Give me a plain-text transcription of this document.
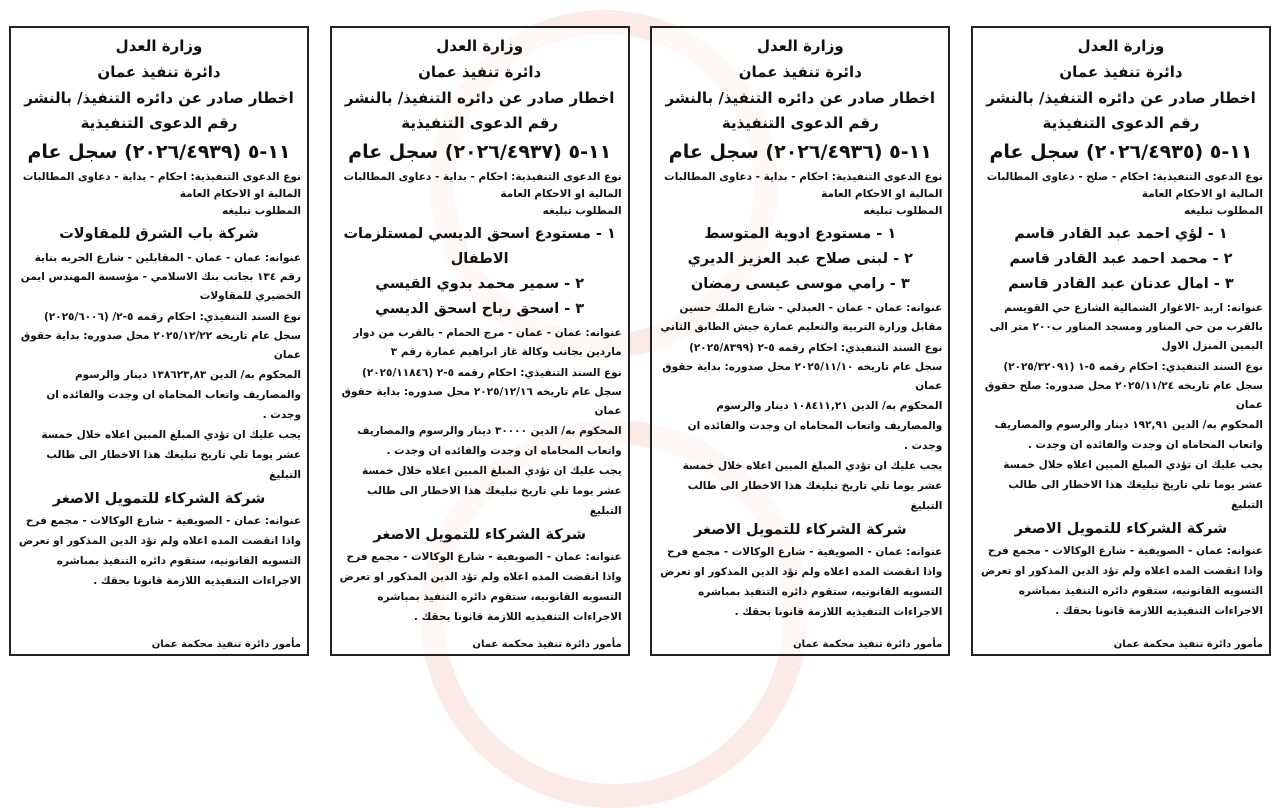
وزارة العدل
دائرة تنفيذ عمان
اخطار صادر عن دائره التنفيذ/ بالنشر
رقم الدعوى التنفيذية
١١-٥ (٢٠٢٦/٤٩٣٥) سجل عام
نوع الدعوى التنفيذية: احكام - صلح - دعاوى المطالبات المالية او الاحكام العامة
المطلوب تبليغه
١ - لؤي احمد عبد القادر قاسم
٢ - محمد احمد عبد القادر قاسم
٣ - امال عدنان عبد القادر قاسم
عنوانه: اربد -الاغوار الشمالية الشارع حي القويسم بالقرب من حي المناور ومسجد المناور ب٢٠٠ متر الى اليمين المنزل الاول
نوع السند التنفيذي: احكام رقمه ٥-١ (٢٠٢٥/٣٢٠٩١) سجل عام تاريخه ٢٠٢٥/١١/٢٤ محل صدوره: صلح حقوق عمان
المحكوم به/ الدين ١٩٢,٩١ دينار والرسوم والمصاريف واتعاب المحاماه ان وجدت والفائده ان وجدت .
يجب عليك ان تؤدي المبلغ المبين اعلاه خلال خمسة عشر يوما تلي تاريخ تبليغك هذا الاخطار الى طالب التبليغ
شركة الشركاء للتمويل الاصغر
عنوانه: عمان - الصويفية - شارع الوكالات - مجمع فرح
واذا انقضت المده اعلاه ولم تؤد الدين المذكور او تعرض التسويه القانونيه، ستقوم دائره التنفيذ بمباشره الاجراءات التنفيذيه اللازمة قانونا بحقك .
مأمور دائرة تنفيذ محكمة عمان
وزارة العدل
دائرة تنفيذ عمان
اخطار صادر عن دائره التنفيذ/ بالنشر
رقم الدعوى التنفيذية
١١-٥ (٢٠٢٦/٤٩٣٦) سجل عام
نوع الدعوى التنفيذية: احكام - بداية - دعاوى المطالبات المالية او الاحكام العامة
المطلوب تبليغه
١ - مستودع ادوية المتوسط
٢ - لبنى صلاح عبد العزيز الديري
٣ - رامي موسى عيسى رمضان
عنوانه: عمان - عمان - العبدلي - شارع الملك حسين مقابل وزارة التربية والتعليم عمارة جيش الطابق الثاني
نوع السند التنفيذي: احكام رقمه ٥-٢ (٢٠٢٥/٨٣٩٩) سجل عام تاريخه ٢٠٢٥/١١/١٠ محل صدوره: بداية حقوق عمان
المحكوم به/ الدين ١٠٨٤١١,٢١ دينار والرسوم والمصاريف واتعاب المحاماه ان وجدت والفائده ان وجدت .
يجب عليك ان تؤدي المبلغ المبين اعلاه خلال خمسة عشر يوما تلي تاريخ تبليغك هذا الاخطار الى طالب التبليغ
شركة الشركاء للتمويل الاصغر
عنوانه: عمان - الصويفية - شارع الوكالات - مجمع فرح
واذا انقضت المده اعلاه ولم تؤد الدين المذكور او تعرض التسويه القانونيه، ستقوم دائره التنفيذ بمباشره الاجراءات التنفيذيه اللازمة قانونا بحقك .
مأمور دائرة تنفيذ محكمة عمان
وزارة العدل
دائرة تنفيذ عمان
اخطار صادر عن دائره التنفيذ/ بالنشر
رقم الدعوى التنفيذية
١١-٥ (٢٠٢٦/٤٩٣٧) سجل عام
نوع الدعوى التنفيذية: احكام - بداية - دعاوى المطالبات المالية او الاحكام العامة
المطلوب تبليغه
١ - مستودع اسحق الديسي لمستلزمات الاطفال
٢ - سمير محمد بدوي القيسي
٣ - اسحق رباح اسحق الديسي
عنوانه: عمان - عمان - مرج الحمام - بالقرب من دوار ماردين بجانب وكالة غاز ابراهيم عمارة رقم ٣
نوع السند التنفيذي: احكام رقمه ٥-٢ (٢٠٢٥/١١٨٤٦) سجل عام تاريخه ٢٠٢٥/١٢/١٦ محل صدوره: بداية حقوق عمان
المحكوم به/ الدين ٣٠٠٠٠ دينار والرسوم والمصاريف واتعاب المحاماه ان وجدت والفائده ان وجدت .
يجب عليك ان تؤدي المبلغ المبين اعلاه خلال خمسة عشر يوما تلي تاريخ تبليغك هذا الاخطار الى طالب التبليغ
شركة الشركاء للتمويل الاصغر
عنوانه: عمان - الصويفية - شارع الوكالات - مجمع فرح
واذا انقضت المده اعلاه ولم تؤد الدين المذكور او تعرض التسويه القانونيه، ستقوم دائره التنفيذ بمباشره الاجراءات التنفيذيه اللازمة قانونا بحقك .
مأمور دائرة تنفيذ محكمة عمان
وزارة العدل
دائرة تنفيذ عمان
اخطار صادر عن دائره التنفيذ/ بالنشر
رقم الدعوى التنفيذية
١١-٥ (٢٠٢٦/٤٩٣٩) سجل عام
نوع الدعوى التنفيذية: احكام - بداية - دعاوى المطالبات المالية او الاحكام العامة
المطلوب تبليغه
شركة باب الشرق للمقاولات
عنوانه: عمان - عمان - المقابلين - شارع الحربه بناية رقم ١٣٤ بجانب بنك الاسلامي - مؤسسة المهندس ايمن الخضيري للمقاولات
نوع السند التنفيذي: احكام رقمه ٥-٢/ (٢٠٢٥/٦٠٠٦) سجل عام تاريخه ٢٠٢٥/١٢/٢٢ محل صدوره: بداية حقوق عمان
المحكوم به/ الدين ١٣٨٦٢٣,٨٣ دينار والرسوم والمصاريف واتعاب المحاماه ان وجدت والفائده ان وجدت .
يجب عليك ان تؤدي المبلغ المبين اعلاه خلال خمسة عشر يوما تلي تاريخ تبليغك هذا الاخطار الى طالب التبليغ
شركة الشركاء للتمويل الاصغر
عنوانه: عمان - الصويفية - شارع الوكالات - مجمع فرح
واذا انقضت المده اعلاه ولم تؤد الدين المذكور او تعرض التسويه القانونيه، ستقوم دائره التنفيذ بمباشره الاجراءات التنفيذيه اللازمة قانونا بحقك .
مأمور دائرة تنفيذ محكمة عمان
